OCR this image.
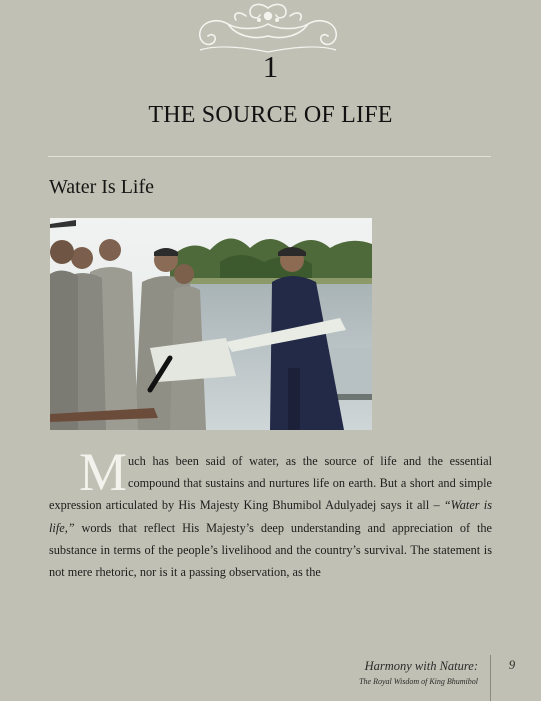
1
THE SOURCE OF LIFE
Water Is Life
Much has been said of water, as the source of life and the essential compound that sustains and nurtures life on earth. But a short and simple expression articulated by His Majesty King Bhumibol Adulyadej says it all – “Water is life,” words that reflect His Majesty’s deep understanding and appreciation of the substance in terms of the people’s livelihood and the country’s survival. The statement is not mere rhetoric, nor is it a passing observation, as the
Harmony with Nature:
The Royal Wisdom of King Bhumibol
9
